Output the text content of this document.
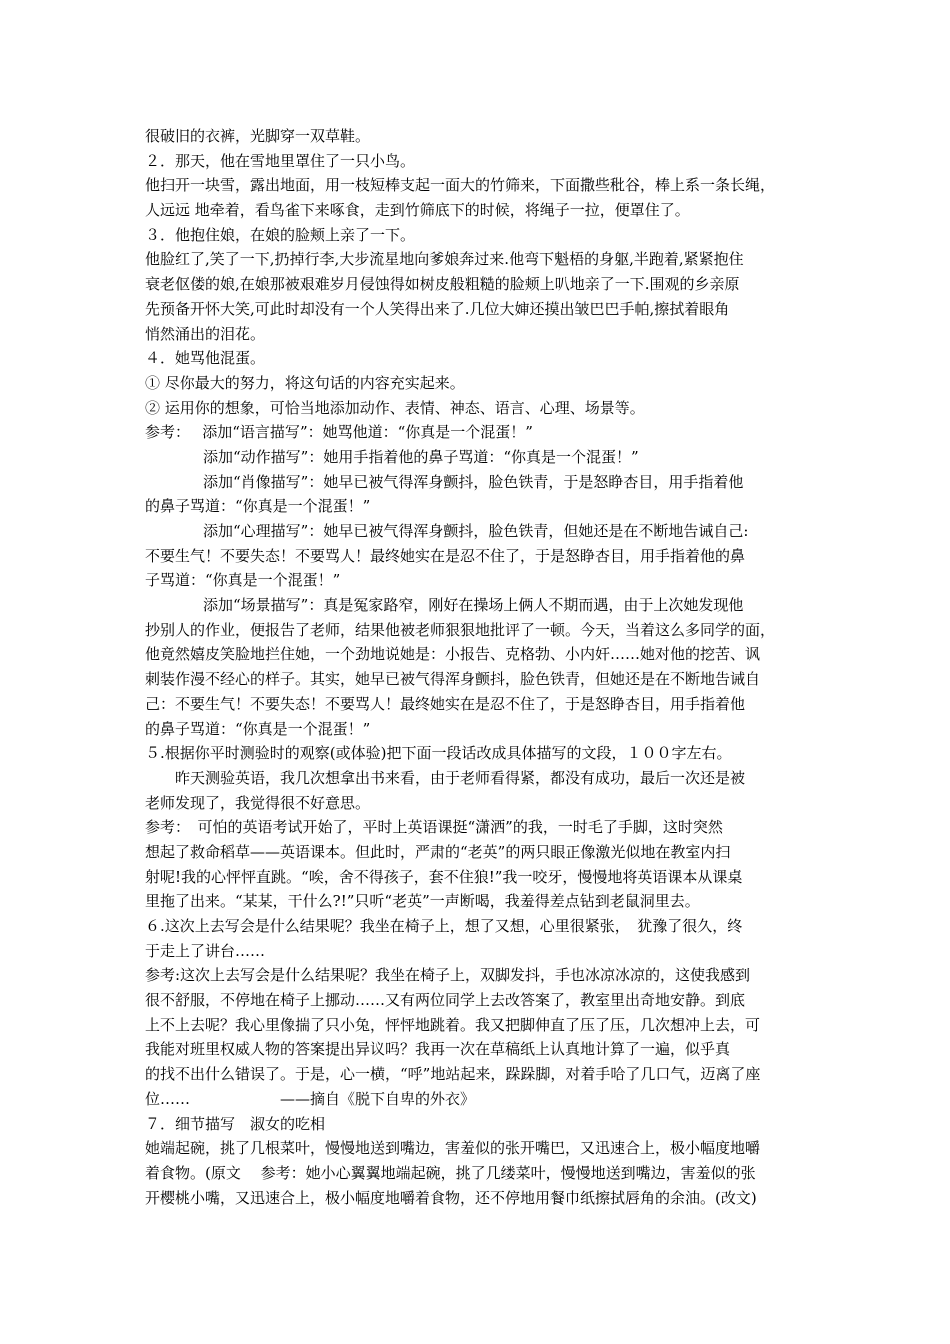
很破旧的衣裤，光脚穿一双草鞋。
２．那天，他在雪地里罩住了一只小鸟。
他扫开一块雪，露出地面，用一枝短棒支起一面大的竹筛来，下面撒些秕谷，棒上系一条长绳，
人远远 地牵着，看鸟雀下来啄食，走到竹筛底下的时候，将绳子一拉，便罩住了。
３．他抱住娘，在娘的脸颊上亲了一下。
他脸红了,笑了一下,扔掉行李,大步流星地向爹娘奔过来.他弯下魁梧的身躯,半跑着,紧紧抱住
衰老伛偻的娘,在娘那被艰难岁月侵蚀得如树皮般粗糙的脸颊上叭地亲了一下.围观的乡亲原
先预备开怀大笑,可此时却没有一个人笑得出来了.几位大婶还摸出皱巴巴手帕,擦拭着眼角
悄然涌出的泪花。
４．她骂他混蛋。
① 尽你最大的努力，将这句话的内容充实起来。
② 运用你的想象，可恰当地添加动作、表情、神态、语言、心理、场景等。
参考：　 添加“语言描写”：她骂他道：“你真是一个混蛋！”
添加“动作描写”：她用手指着他的鼻子骂道：“你真是一个混蛋！”
添加“肖像描写”：她早已被气得浑身颤抖，脸色铁青，于是怒睁杏目，用手指着他
的鼻子骂道：“你真是一个混蛋！”
添加“心理描写”：她早已被气得浑身颤抖，脸色铁青，但她还是在不断地告诫自己:
不要生气！不要失态！不要骂人！最终她实在是忍不住了，于是怒睁杏目，用手指着他的鼻
子骂道：“你真是一个混蛋！”
添加“场景描写”：真是冤家路窄，刚好在操场上俩人不期而遇，由于上次她发现他
抄别人的作业，便报告了老师，结果他被老师狠狠地批评了一顿。今天，当着这么多同学的面，
他竟然嬉皮笑脸地拦住她，一个劲地说她是：小报告、克格勃、小内奸……她对他的挖苦、讽
刺装作漫不经心的样子。其实，她早已被气得浑身颤抖，脸色铁青，但她还是在不断地告诫自
己：不要生气！不要失态！不要骂人！最终她实在是忍不住了，于是怒睁杏目，用手指着他
的鼻子骂道：“你真是一个混蛋！”
５.根据你平时测验时的观察(或体验)把下面一段话改成具体描写的文段，１００字左右。
昨天测验英语，我几次想拿出书来看，由于老师看得紧，都没有成功，最后一次还是被
老师发现了，我觉得很不好意思。
参考：　可怕的英语考试开始了，平时上英语课挺“潇洒”的我，一时毛了手脚，这时突然
想起了救命稻草——英语课本。但此时，严肃的“老英”的两只眼正像激光似地在教室内扫
射呢!我的心怦怦直跳。“唉，舍不得孩子，套不住狼!”我一咬牙，慢慢地将英语课本从课桌
里拖了出来。“某某，干什么?!”只听“老英”一声断喝，我羞得差点钻到老鼠洞里去。
６.这次上去写会是什么结果呢？我坐在椅子上，想了又想，心里很紧张，　犹豫了很久，终
于走上了讲台……
参考:这次上去写会是什么结果呢？我坐在椅子上，双脚发抖，手也冰凉冰凉的，这使我感到
很不舒服，不停地在椅子上挪动……又有两位同学上去改答案了，教室里出奇地安静。到底
上不上去呢？我心里像揣了只小兔，怦怦地跳着。我又把脚伸直了压了压，几次想冲上去，可
我能对班里权威人物的答案提出异议吗？我再一次在草稿纸上认真地计算了一遍，似乎真
的找不出什么错误了。于是，心一横，“呼”地站起来，跺跺脚，对着手哈了几口气，迈离了座
位……　　　　　　——摘自《脱下自卑的外衣》
７．细节描写　淑女的吃相
她端起碗，挑了几根菜叶，慢慢地送到嘴边，害羞似的张开嘴巴，又迅速合上，极小幅度地嚼
着食物。(原文　 参考：她小心翼翼地端起碗，挑了几缕菜叶，慢慢地送到嘴边，害羞似的张
开樱桃小嘴，又迅速合上，极小幅度地嚼着食物，还不停地用餐巾纸擦拭唇角的余油。(改文)
